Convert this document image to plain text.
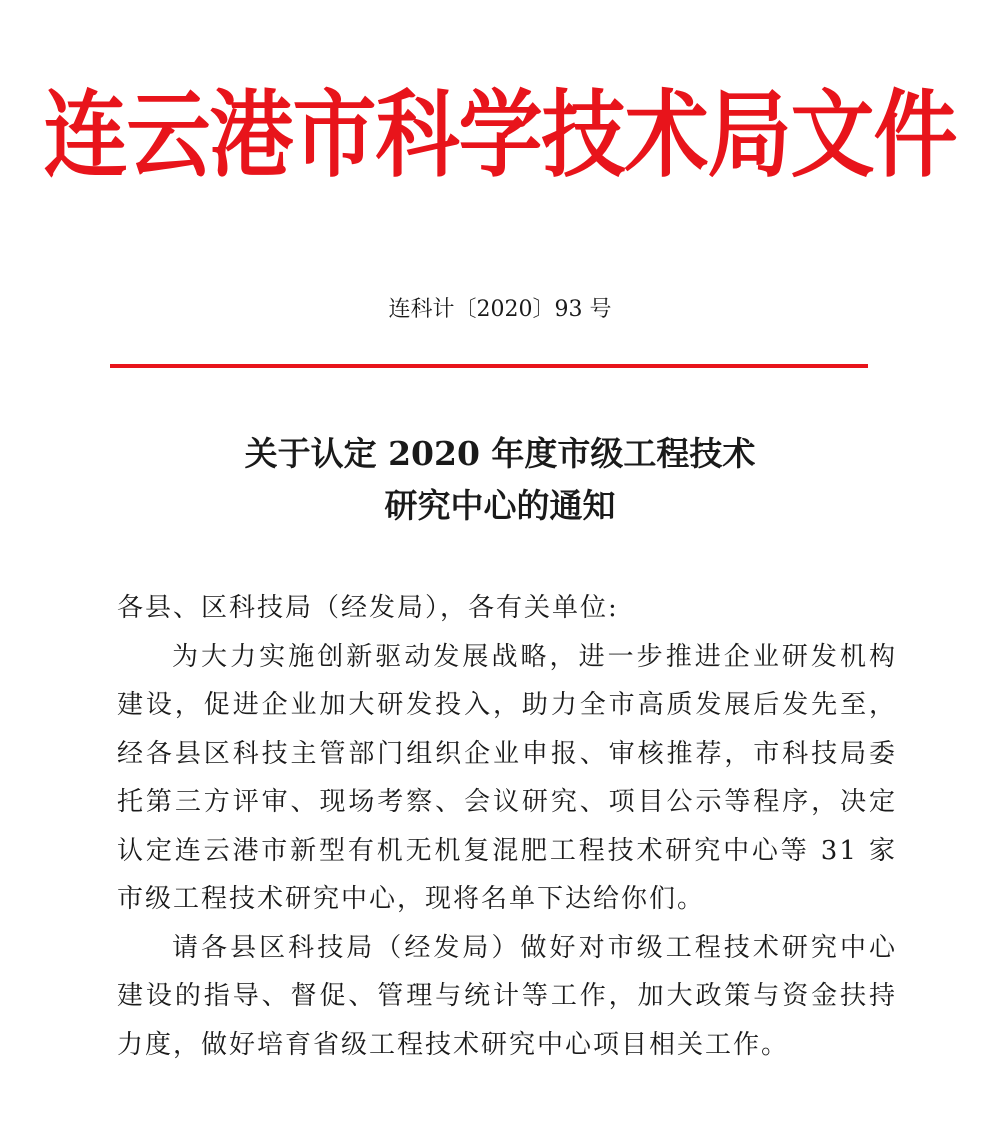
连云港市科学技术局文件
连科计〔2020〕93 号
关于认定 2020 年度市级工程技术
研究中心的通知

各县、区科技局（经发局），各有关单位:

为大力实施创新驱动发展战略，进一步推进企业研发机构建设，促进企业加大研发投入，助力全市高质发展后发先至，经各县区科技主管部门组织企业申报、审核推荐，市科技局委托第三方评审、现场考察、会议研究、项目公示等程序，决定认定连云港市新型有机无机复混肥工程技术研究中心等 31 家市级工程技术研究中心，现将名单下达给你们。

请各县区科技局（经发局）做好对市级工程技术研究中心建设的指导、督促、管理与统计等工作，加大政策与资金扶持力度，做好培育省级工程技术研究中心项目相关工作。
